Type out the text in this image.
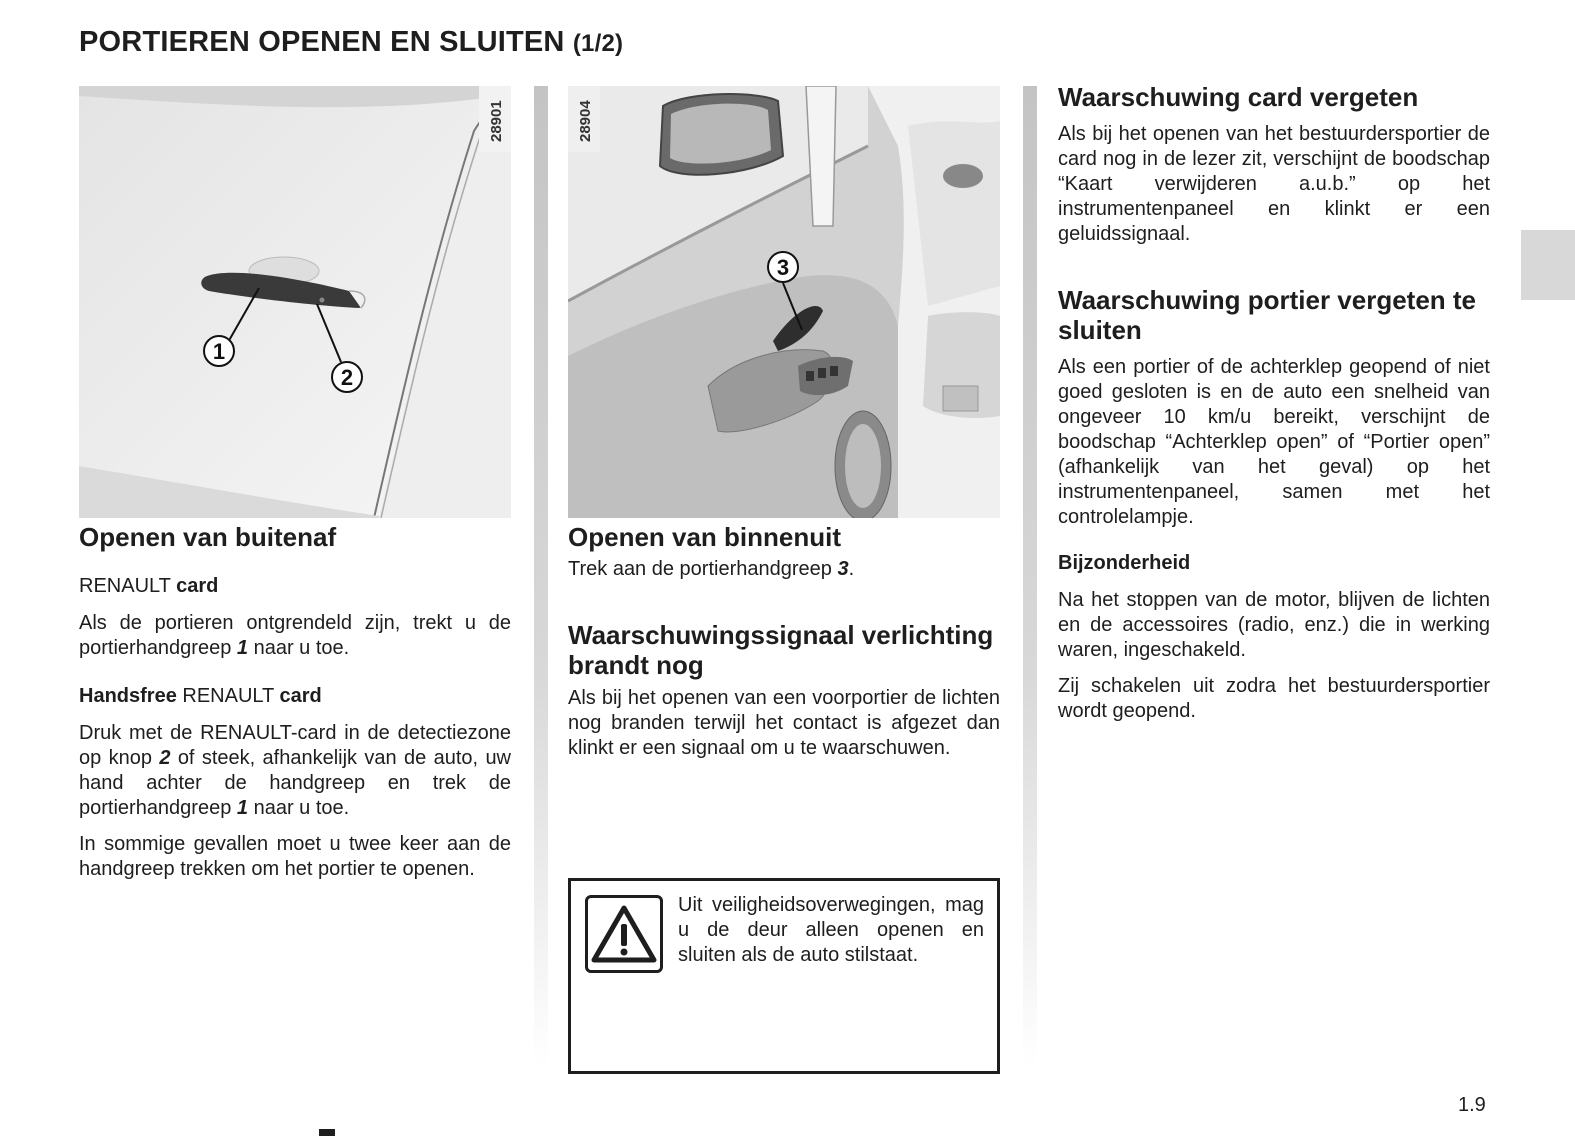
PORTIEREN OPENEN EN SLUITEN (1/2)
1
2
28901
Openen van buitenaf

RENAULT card

Als de portieren ontgrendeld zijn, trekt u de portierhandgreep 1 naar u toe.

Handsfree RENAULT card

Druk met de RENAULT-card in de detectiezone op knop 2 of steek, afhankelijk van de auto, uw hand achter de handgreep en trek de portierhandgreep 1 naar u toe.

In sommige gevallen moet u twee keer aan de handgreep trekken om het portier te openen.

3
28904
Openen van binnenuit

Trek aan de portierhandgreep 3.

Waarschuwingssignaal verlichting brandt nog

Als bij het openen van een voorportier de lichten nog branden terwijl het contact is afgezet dan klinkt er een signaal om u te waarschuwen.

Uit veiligheidsoverwegingen, mag u de deur alleen openen en sluiten als de auto stilstaat.
Waarschuwing card vergeten

Als bij het openen van het bestuurdersportier de card nog in de lezer zit, verschijnt de boodschap “Kaart verwijderen a.u.b.” op het instrumentenpaneel en klinkt er een geluidssignaal.

Waarschuwing portier vergeten te sluiten

Als een portier of de achterklep geopend of niet goed gesloten is en de auto een snelheid van ongeveer 10 km/u bereikt, verschijnt de boodschap “Achterklep open” of “Portier open” (afhankelijk van het geval) op het instrumentenpaneel, samen met het controlelampje.

Bijzonderheid

Na het stoppen van de motor, blijven de lichten en de accessoires (radio, enz.) die in werking waren, ingeschakeld.

Zij schakelen uit zodra het bestuurdersportier wordt geopend.

1.9
